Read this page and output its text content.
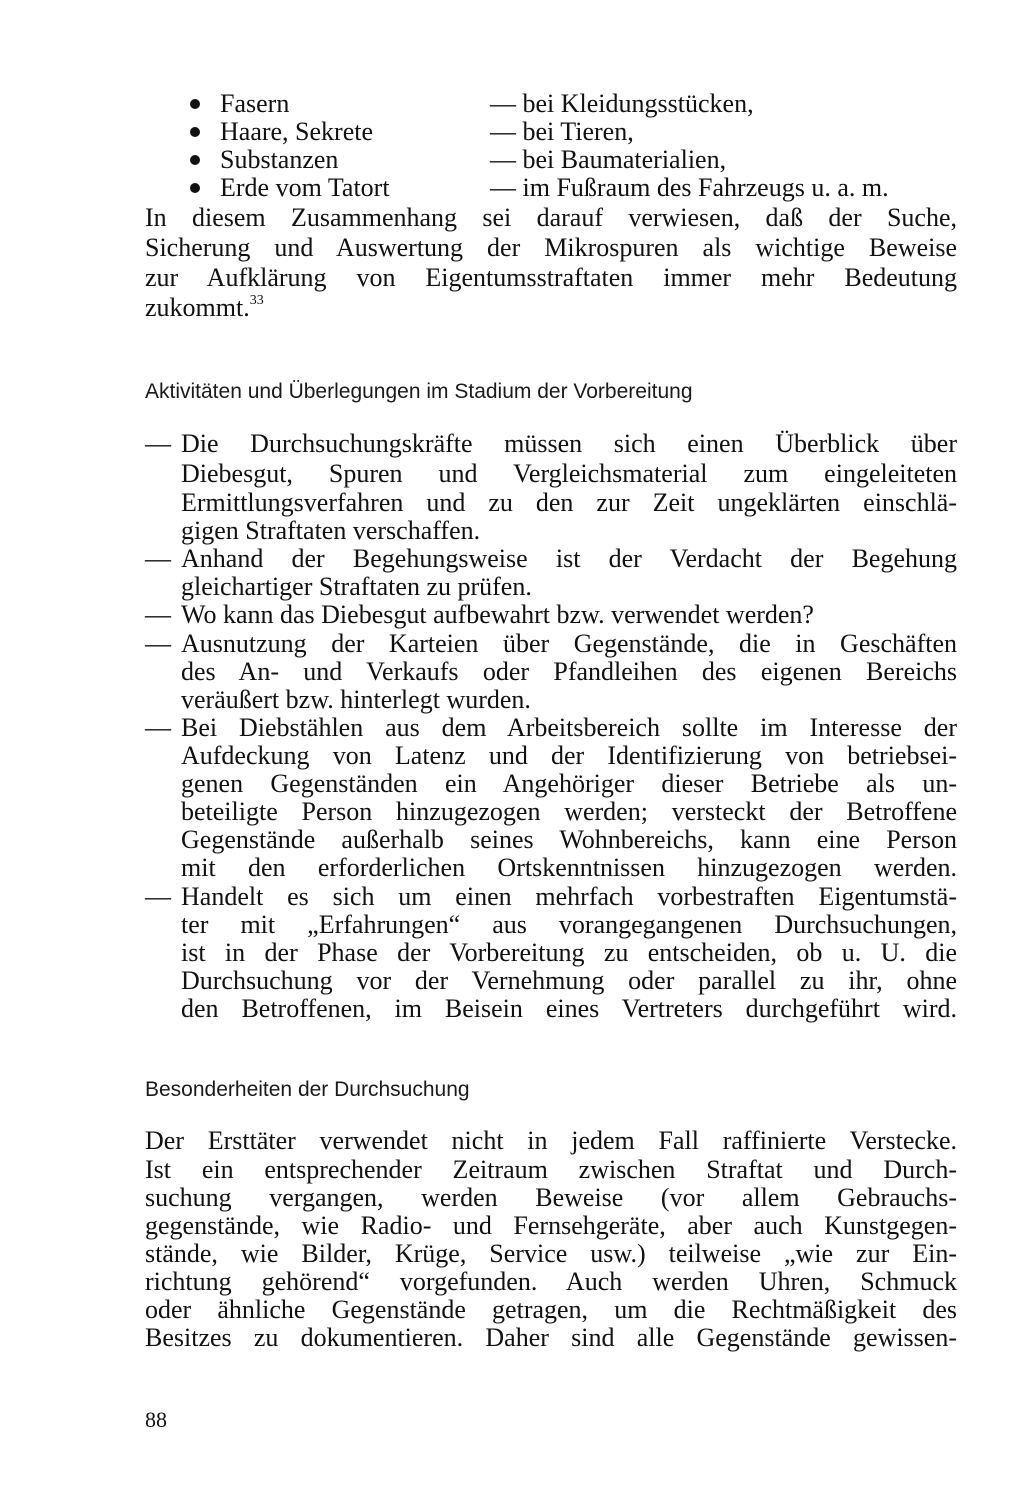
Fasern	— bei Kleidungsstücken,
Haare, Sekrete	— bei Tieren,
Substanzen	— bei Baumaterialien,
Erde vom Tatort	— im Fußraum des Fahrzeugs u. a. m.
In diesem Zusammenhang sei darauf verwiesen, daß der Suche,
Sicherung und Auswertung der Mikrospuren als wichtige Beweise
zur Aufklärung von Eigentumsstraftaten immer mehr Bedeutung
zukommt.$^{33}$
Aktivitäten und Überlegungen im Stadium der Vorbereitung
— Die Durchsuchungskräfte müssen sich einen Überblick über
Diebesgut, Spuren und Vergleichsmaterial zum eingeleiteten
Ermittlungsverfahren und zu den zur Zeit ungeklärten einschlä-
gigen Straftaten verschaffen.
— Anhand der Begehungsweise ist der Verdacht der Begehung
gleichartiger Straftaten zu prüfen.
— Wo kann das Diebesgut aufbewahrt bzw. verwendet werden?
— Ausnutzung der Karteien über Gegenstände, die in Geschäften
des An- und Verkaufs oder Pfandleihen des eigenen Bereichs
veräußert bzw. hinterlegt wurden.
— Bei Diebstählen aus dem Arbeitsbereich sollte im Interesse der
Aufdeckung von Latenz und der Identifizierung von betriebsei-
genen Gegenständen ein Angehöriger dieser Betriebe als un-
beteiligte Person hinzugezogen werden; versteckt der Betroffene
Gegenstände außerhalb seines Wohnbereichs, kann eine Person
mit den erforderlichen Ortskenntnissen hinzugezogen werden.
— Handelt es sich um einen mehrfach vorbestraften Eigentumstä-
ter mit „Erfahrungen“ aus vorangegangenen Durchsuchungen,
ist in der Phase der Vorbereitung zu entscheiden, ob u. U. die
Durchsuchung vor der Vernehmung oder parallel zu ihr, ohne
den Betroffenen, im Beisein eines Vertreters durchgeführt wird.
Besonderheiten der Durchsuchung
Der Ersttäter verwendet nicht in jedem Fall raffinierte Verstecke.
Ist ein entsprechender Zeitraum zwischen Straftat und Durch-
suchung vergangen, werden Beweise (vor allem Gebrauchs-
gegenstände, wie Radio- und Fernsehgeräte, aber auch Kunstgegen-
stände, wie Bilder, Krüge, Service usw.) teilweise „wie zur Ein-
richtung gehörend“ vorgefunden. Auch werden Uhren, Schmuck
oder ähnliche Gegenstände getragen, um die Rechtmäßigkeit des
Besitzes zu dokumentieren. Daher sind alle Gegenstände gewissen-
88
